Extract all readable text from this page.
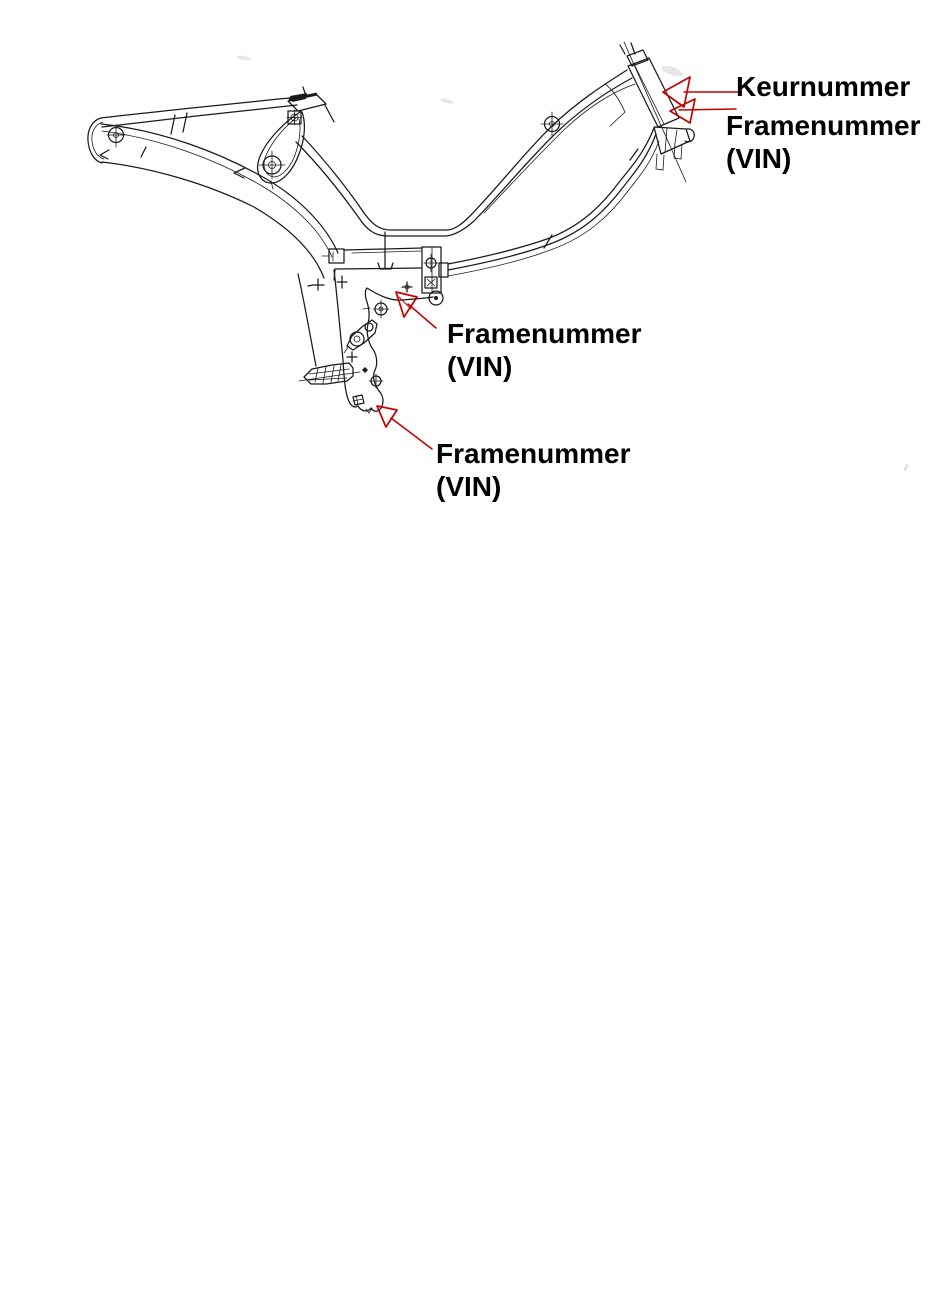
Keurnummer
Framenummer
(VIN)
Framenummer
(VIN)
Framenummer
(VIN)
